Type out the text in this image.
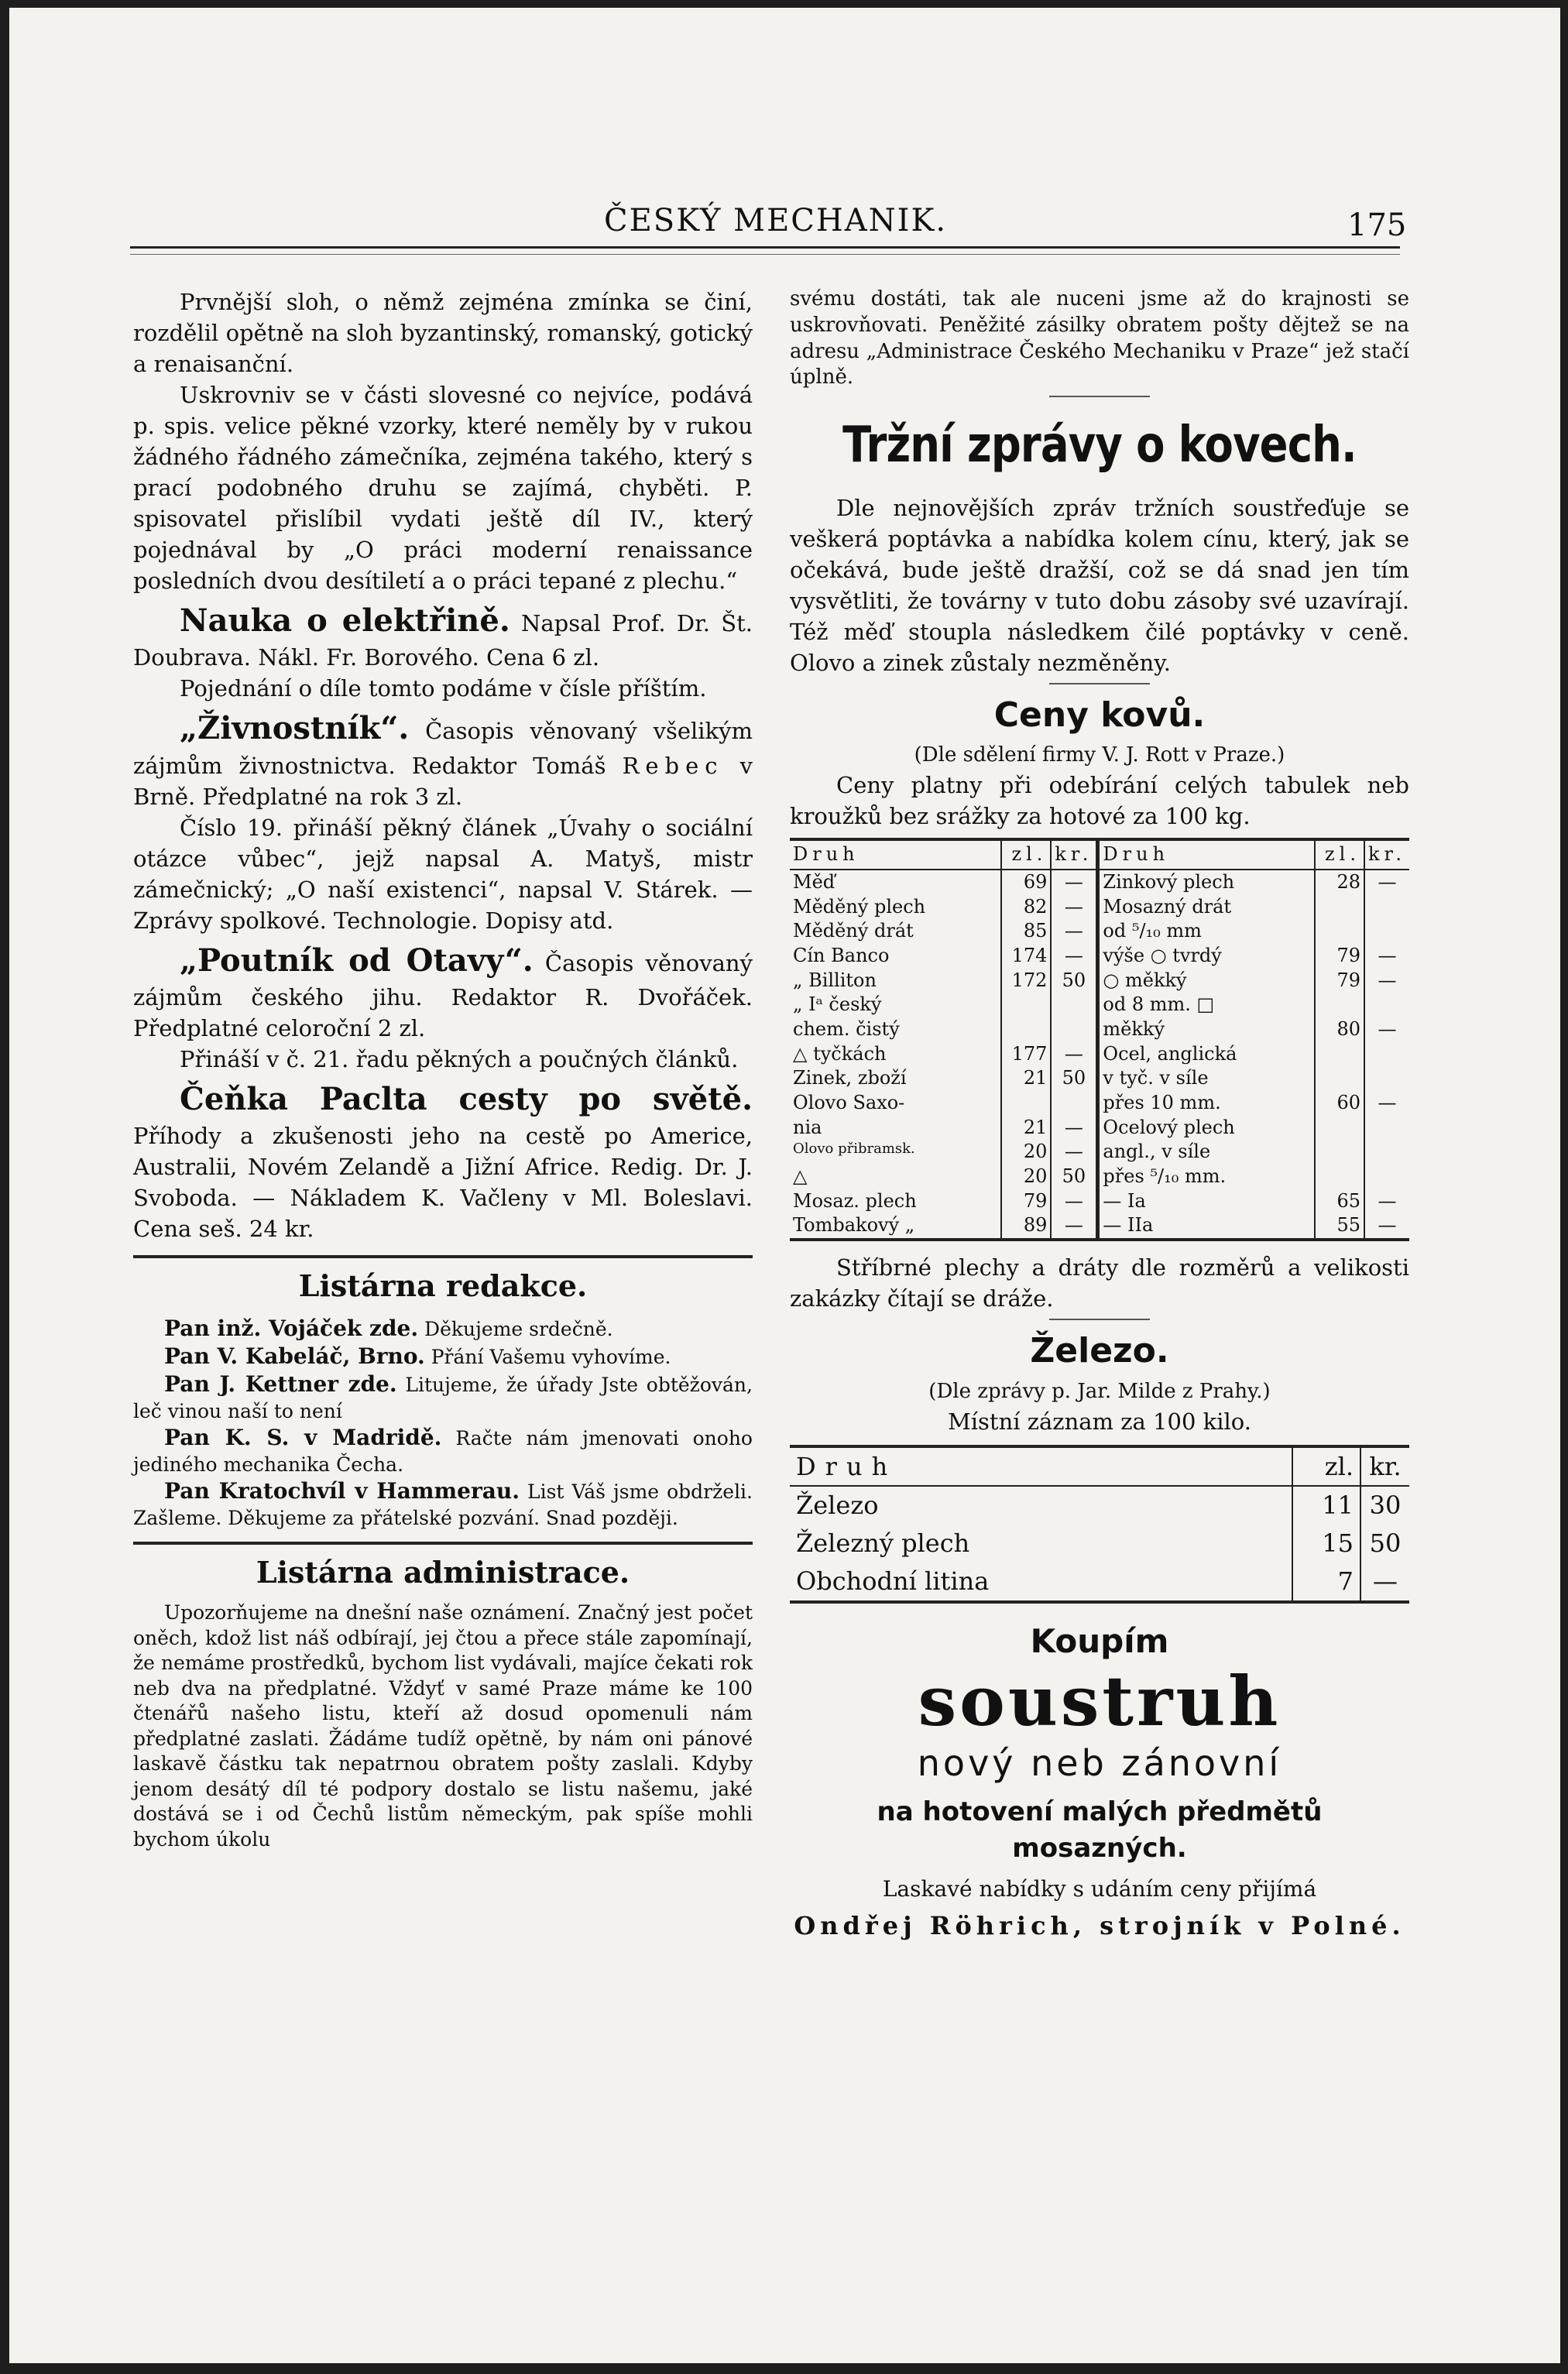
ČESKÝ MECHANIK.	175

Prvnější sloh, o němž zejména zmínka se činí, rozdělil opětně na sloh byzantinský, romanský, gotický a renaisanční.

Uskrovniv se v části slovesné co nejvíce, podává p. spis. velice pěkné vzorky, které neměly by v rukou žádného řádného zámečníka, zejména takého, který s prací podobného druhu se zajímá, chyběti. P. spisovatel přislíbil vydati ještě díl IV., který pojednával by „O práci moderní renaissance posledních dvou desítiletí a o práci tepané z plechu.“

Nauka o elektřině. Napsal Prof. Dr. Št. Doubrava. Nákl. Fr. Borového. Cena 6 zl.

Pojednání o díle tomto podáme v čísle příštím.

„Živnostník“. Časopis věnovaný všelikým zájmům živnostnictva. Redaktor Tomáš Rebec v Brně. Předplatné na rok 3 zl.

Číslo 19. přináší pěkný článek „Úvahy o sociální otázce vůbec“, jejž napsal A. Matyš, mistr zámečnický; „O naší existenci“, napsal V. Stárek. — Zprávy spolkové. Technologie. Dopisy atd.

„Poutník od Otavy“. Časopis věnovaný zájmům českého jihu. Redaktor R. Dvořáček. Předplatné celoroční 2 zl.

Přináší v č. 21. řadu pěkných a poučných článků.

Čeňka Paclta cesty po světě. Příhody a zkušenosti jeho na cestě po Americe, Australii, Novém Zelandě a Jižní Africe. Redig. Dr. J. Svoboda. — Nákladem K. Vačleny v Ml. Boleslavi. Cena seš. 24 kr.

Listárna redakce.

Pan inž. Vojáček zde. Děkujeme srdečně.

Pan V. Kabeláč, Brno. Přání Vašemu vyhovíme.

Pan J. Kettner zde. Litujeme, že úřady Jste obtěžován, leč vinou naší to není

Pan K. S. v Madridě. Račte nám jmenovati onoho jediného mechanika Čecha.

Pan Kratochvíl v Hammerau. List Váš jsme obdrželi. Zašleme. Děkujeme za přátelské pozvání. Snad později.

Listárna administrace.

Upozorňujeme na dnešní naše oznámení. Značný jest počet oněch, kdož list náš odbírají, jej čtou a přece stále zapomínají, že nemáme prostředků, bychom list vydávali, majíce čekati rok neb dva na předplatné. Vždyť v samé Praze máme ke 100 čtenářů našeho listu, kteří až dosud opomenuli nám předplatné zaslati. Žádáme tudíž opětně, by nám oni pánové laskavě částku tak nepatrnou obratem pošty zaslali. Kdyby jenom desátý díl té podpory dostalo se listu našemu, jaké dostává se i od Čechů listům německým, pak spíše mohli bychom úkolu

svému dostáti, tak ale nuceni jsme až do krajnosti se uskrovňovati. Peněžité zásilky obratem pošty dějtež se na adresu „Administrace Českého Mechaniku v Praze“ jež stačí úplně.

Tržní zprávy o kovech.

Dle nejnovějších zpráv tržních soustřeďuje se veškerá poptávka a nabídka kolem cínu, který, jak se očekává, bude ještě dražší, což se dá snad jen tím vysvětliti, že továrny v tuto dobu zásoby své uzavírají. Též měď stoupla následkem čilé poptávky v ceně. Olovo a zinek zůstaly nezměněny.

Ceny kovů.
(Dle sdělení firmy V. J. Rott v Praze.)

Ceny platny při odebírání celých tabulek neb kroužků bez srážky za hotové za 100 kg.

Druh	zl.	kr.	Druh	zl.	kr.
Měď	69	—	Zinkový plech	28	—
Měděný plech	82	—	Mosazný drát		
Měděný drát	85	—	od ⁵/₁₀ mm		
Cín Banco	174	—	výše ○ tvrdý	79	—
„ Billiton	172	50	○ měkký	79	—
„ Iᵃ český			od 8 mm. □		
chem. čistý			měkký	80	—
△ tyčkách	177	—	Ocel, anglická		
Zinek, zboží	21	50	v tyč. v síle		
Olovo Saxo-			přes 10 mm.	60	—
nia	21	—	Ocelový plech		
Olovo přibramsk.	20	—	angl., v síle		
△	20	50	přes ⁵/₁₀ mm.		
Mosaz. plech	79	—	— Ia	65	—
Tombakový „	89	—	— IIa	55	—

Stříbrné plechy a dráty dle rozměrů a velikosti zakázky čítají se dráže.

Železo.
(Dle zprávy p. Jar. Milde z Prahy.)
Místní záznam za 100 kilo.
Druh	zl.	kr.
Železo	11	30
Železný plech	15	50
Obchodní litina	7	—
Koupím
soustruh
nový neb zánovní
na hotovení malých předmětů mosazných.
Laskavé nabídky s udáním ceny přijímá
Ondřej Röhrich, strojník v Polné.
